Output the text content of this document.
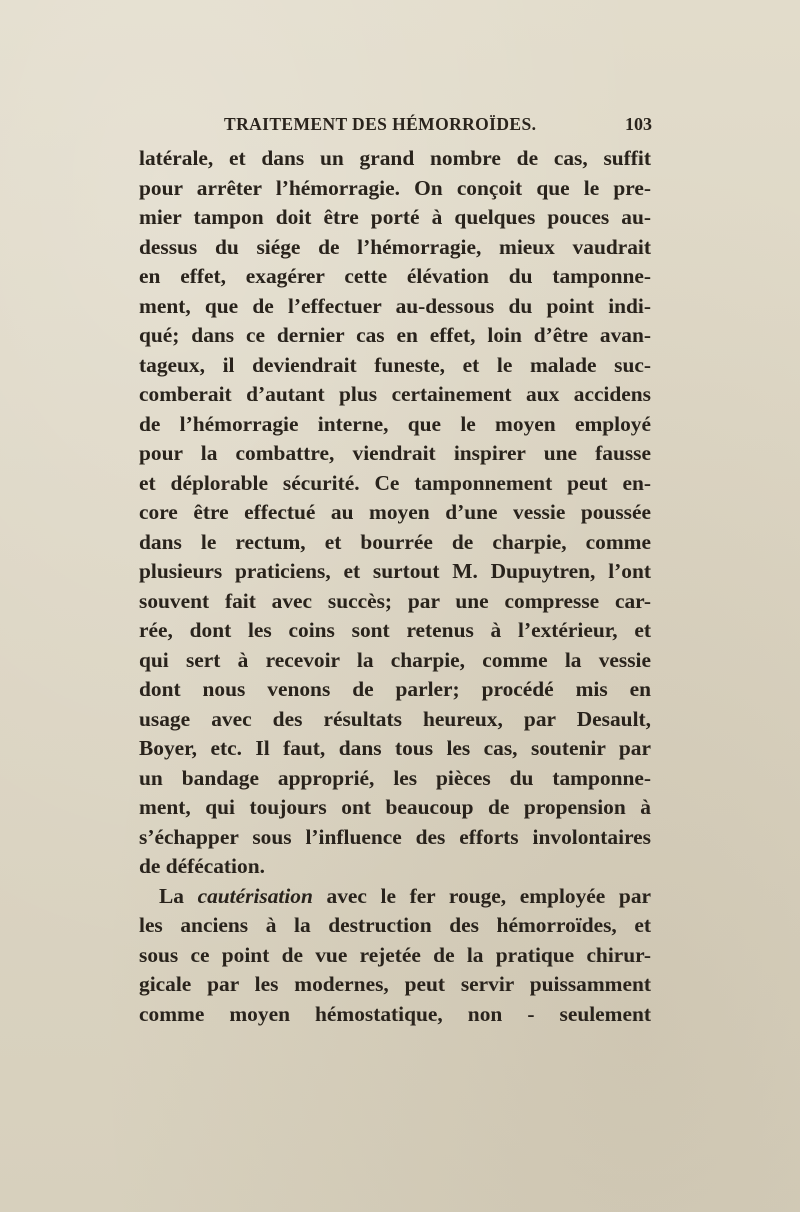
TRAITEMENT DES HÉMORROÏDES.	103
latérale, et dans un grand nombre de cas, suffit
pour arrêter l’hémorragie. On conçoit que le pre-
mier tampon doit être porté à quelques pouces au-
dessus du siége de l’hémorragie, mieux vaudrait
en effet, exagérer cette élévation du tamponne-
ment, que de l’effectuer au-dessous du point indi-
qué; dans ce dernier cas en effet, loin d’être avan-
tageux, il deviendrait funeste, et le malade suc-
comberait d’autant plus certainement aux accidens
de l’hémorragie interne, que le moyen employé
pour la combattre, viendrait inspirer une fausse
et déplorable sécurité. Ce tamponnement peut en-
core être effectué au moyen d’une vessie poussée
dans le rectum, et bourrée de charpie, comme
plusieurs praticiens, et surtout M. Dupuytren, l’ont
souvent fait avec succès; par une compresse car-
rée, dont les coins sont retenus à l’extérieur, et
qui sert à recevoir la charpie, comme la vessie
dont nous venons de parler; procédé mis en
usage avec des résultats heureux, par Desault,
Boyer, etc. Il faut, dans tous les cas, soutenir par
un bandage approprié, les pièces du tamponne-
ment, qui toujours ont beaucoup de propension à
s’échapper sous l’influence des efforts involontaires
de défécation.
La cautérisation avec le fer rouge, employée par
les anciens à la destruction des hémorroïdes, et
sous ce point de vue rejetée de la pratique chirur-
gicale par les modernes, peut servir puissamment
comme moyen hémostatique, non - seulement
